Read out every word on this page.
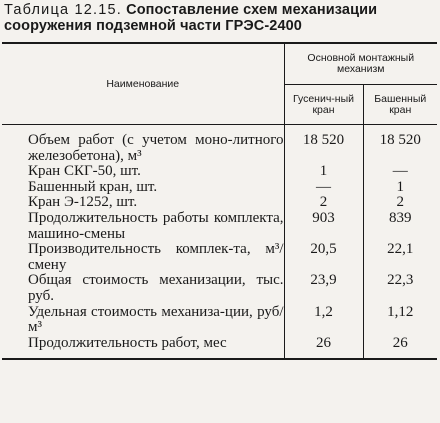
Таблица 12.15. Сопоставление схем механизации сооружения подземной части ГРЭС-2400
Наименование	Основной монтажный механизм	
	Гусенич-ный кран	Башенный кран
Объем работ (с учетом моно-литного железобетона), м³	18 520	18 520
Кран СКГ-50, шт.	1	—
Башенный кран, шт.	—	1
Кран Э-1252, шт.	2	2
Продолжительность работы комплекта, машино-смены	903	839
Производительность комплек-та, м³/смену	20,5	22,1
Общая стоимость механизации, тыс. руб.	23,9	22,3
Удельная стоимость механиза-ции, руб/м³	1,2	1,12
Продолжительность работ, мес	26	26
